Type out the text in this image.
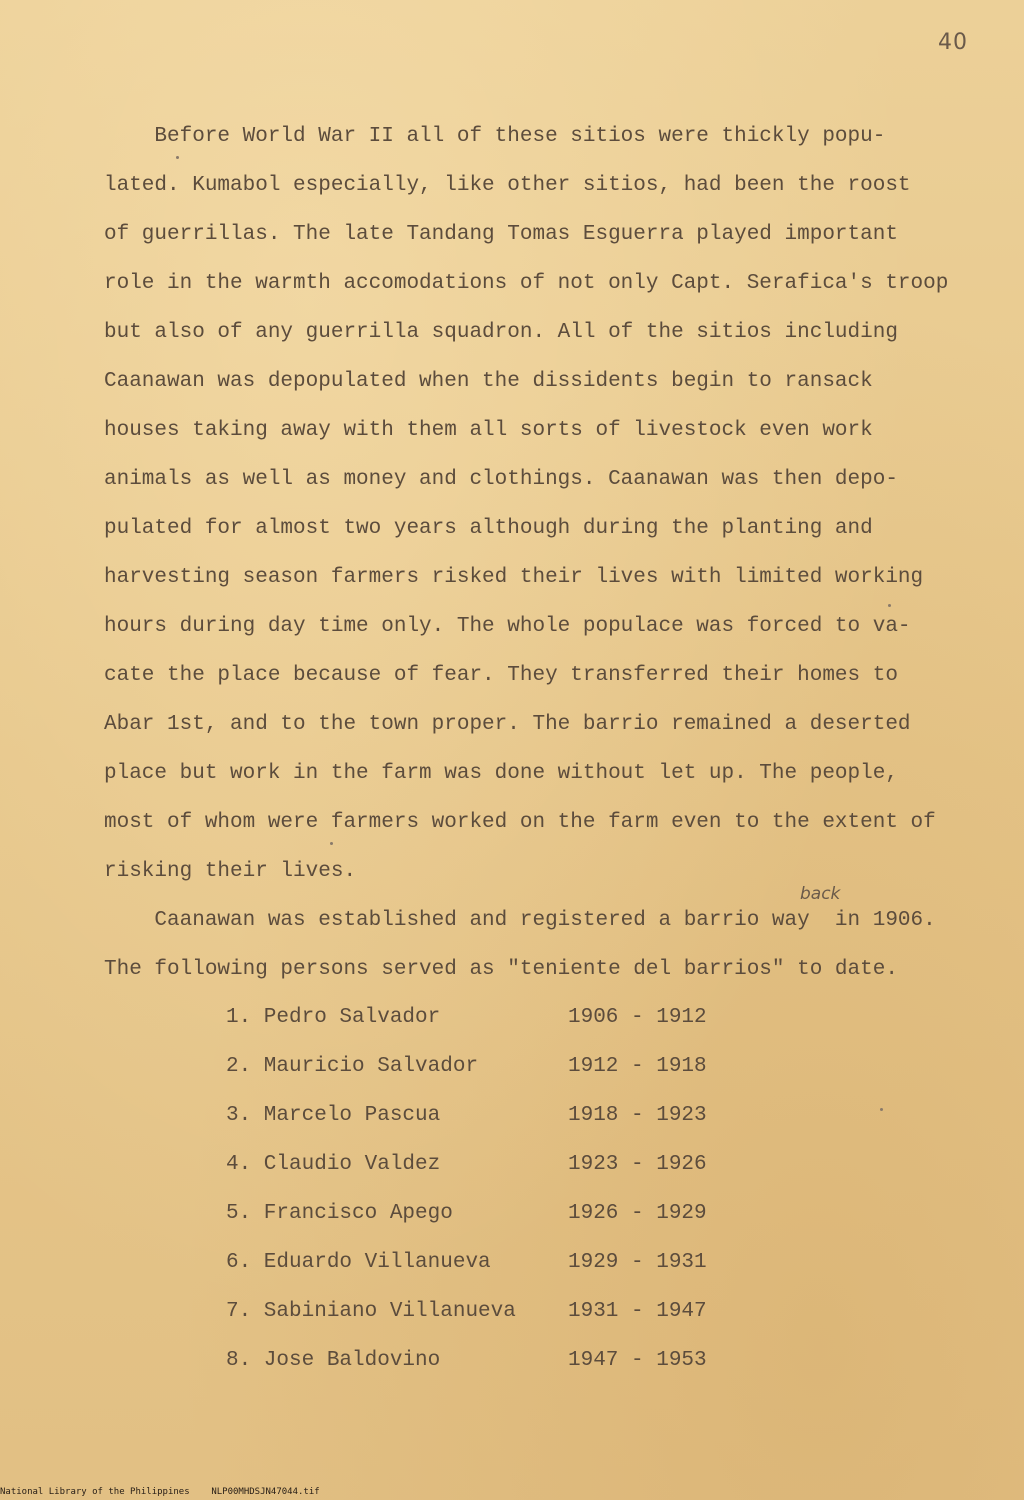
40
Before World War II all of these sitios were thickly popu-
lated. Kumabol especially, like other sitios, had been the roost
of guerrillas. The late Tandang Tomas Esguerra played important
role in the warmth accomodations of not only Capt. Serafica's troop
but also of any guerrilla squadron. All of the sitios including
Caanawan was depopulated when the dissidents begin to ransack
houses taking away with them all sorts of livestock even work
animals as well as money and clothings. Caanawan was then depo-
pulated for almost two years although during the planting and
harvesting season farmers risked their lives with limited working
hours during day time only. The whole populace was forced to va-
cate the place because of fear. They transferred their homes to
Abar 1st, and to the town proper. The barrio remained a deserted
place but work in the farm was done without let up. The people,
most of whom were farmers worked on the farm even to the extent of
risking their lives.
Caanawan was established and registered a barrio way  in 1906.
The following persons served as "teniente del barrios" to date.
back
1. Pedro Salvador	1906 - 1912
2. Mauricio Salvador	1912 - 1918
3. Marcelo Pascua	1918 - 1923
4. Claudio Valdez	1923 - 1926
5. Francisco Apego	1926 - 1929
6. Eduardo Villanueva	1929 - 1931
7. Sabiniano Villanueva	1931 - 1947
8. Jose Baldovino	1947 - 1953
National Library of the Philippines    NLP00MHDSJN47044.tif
